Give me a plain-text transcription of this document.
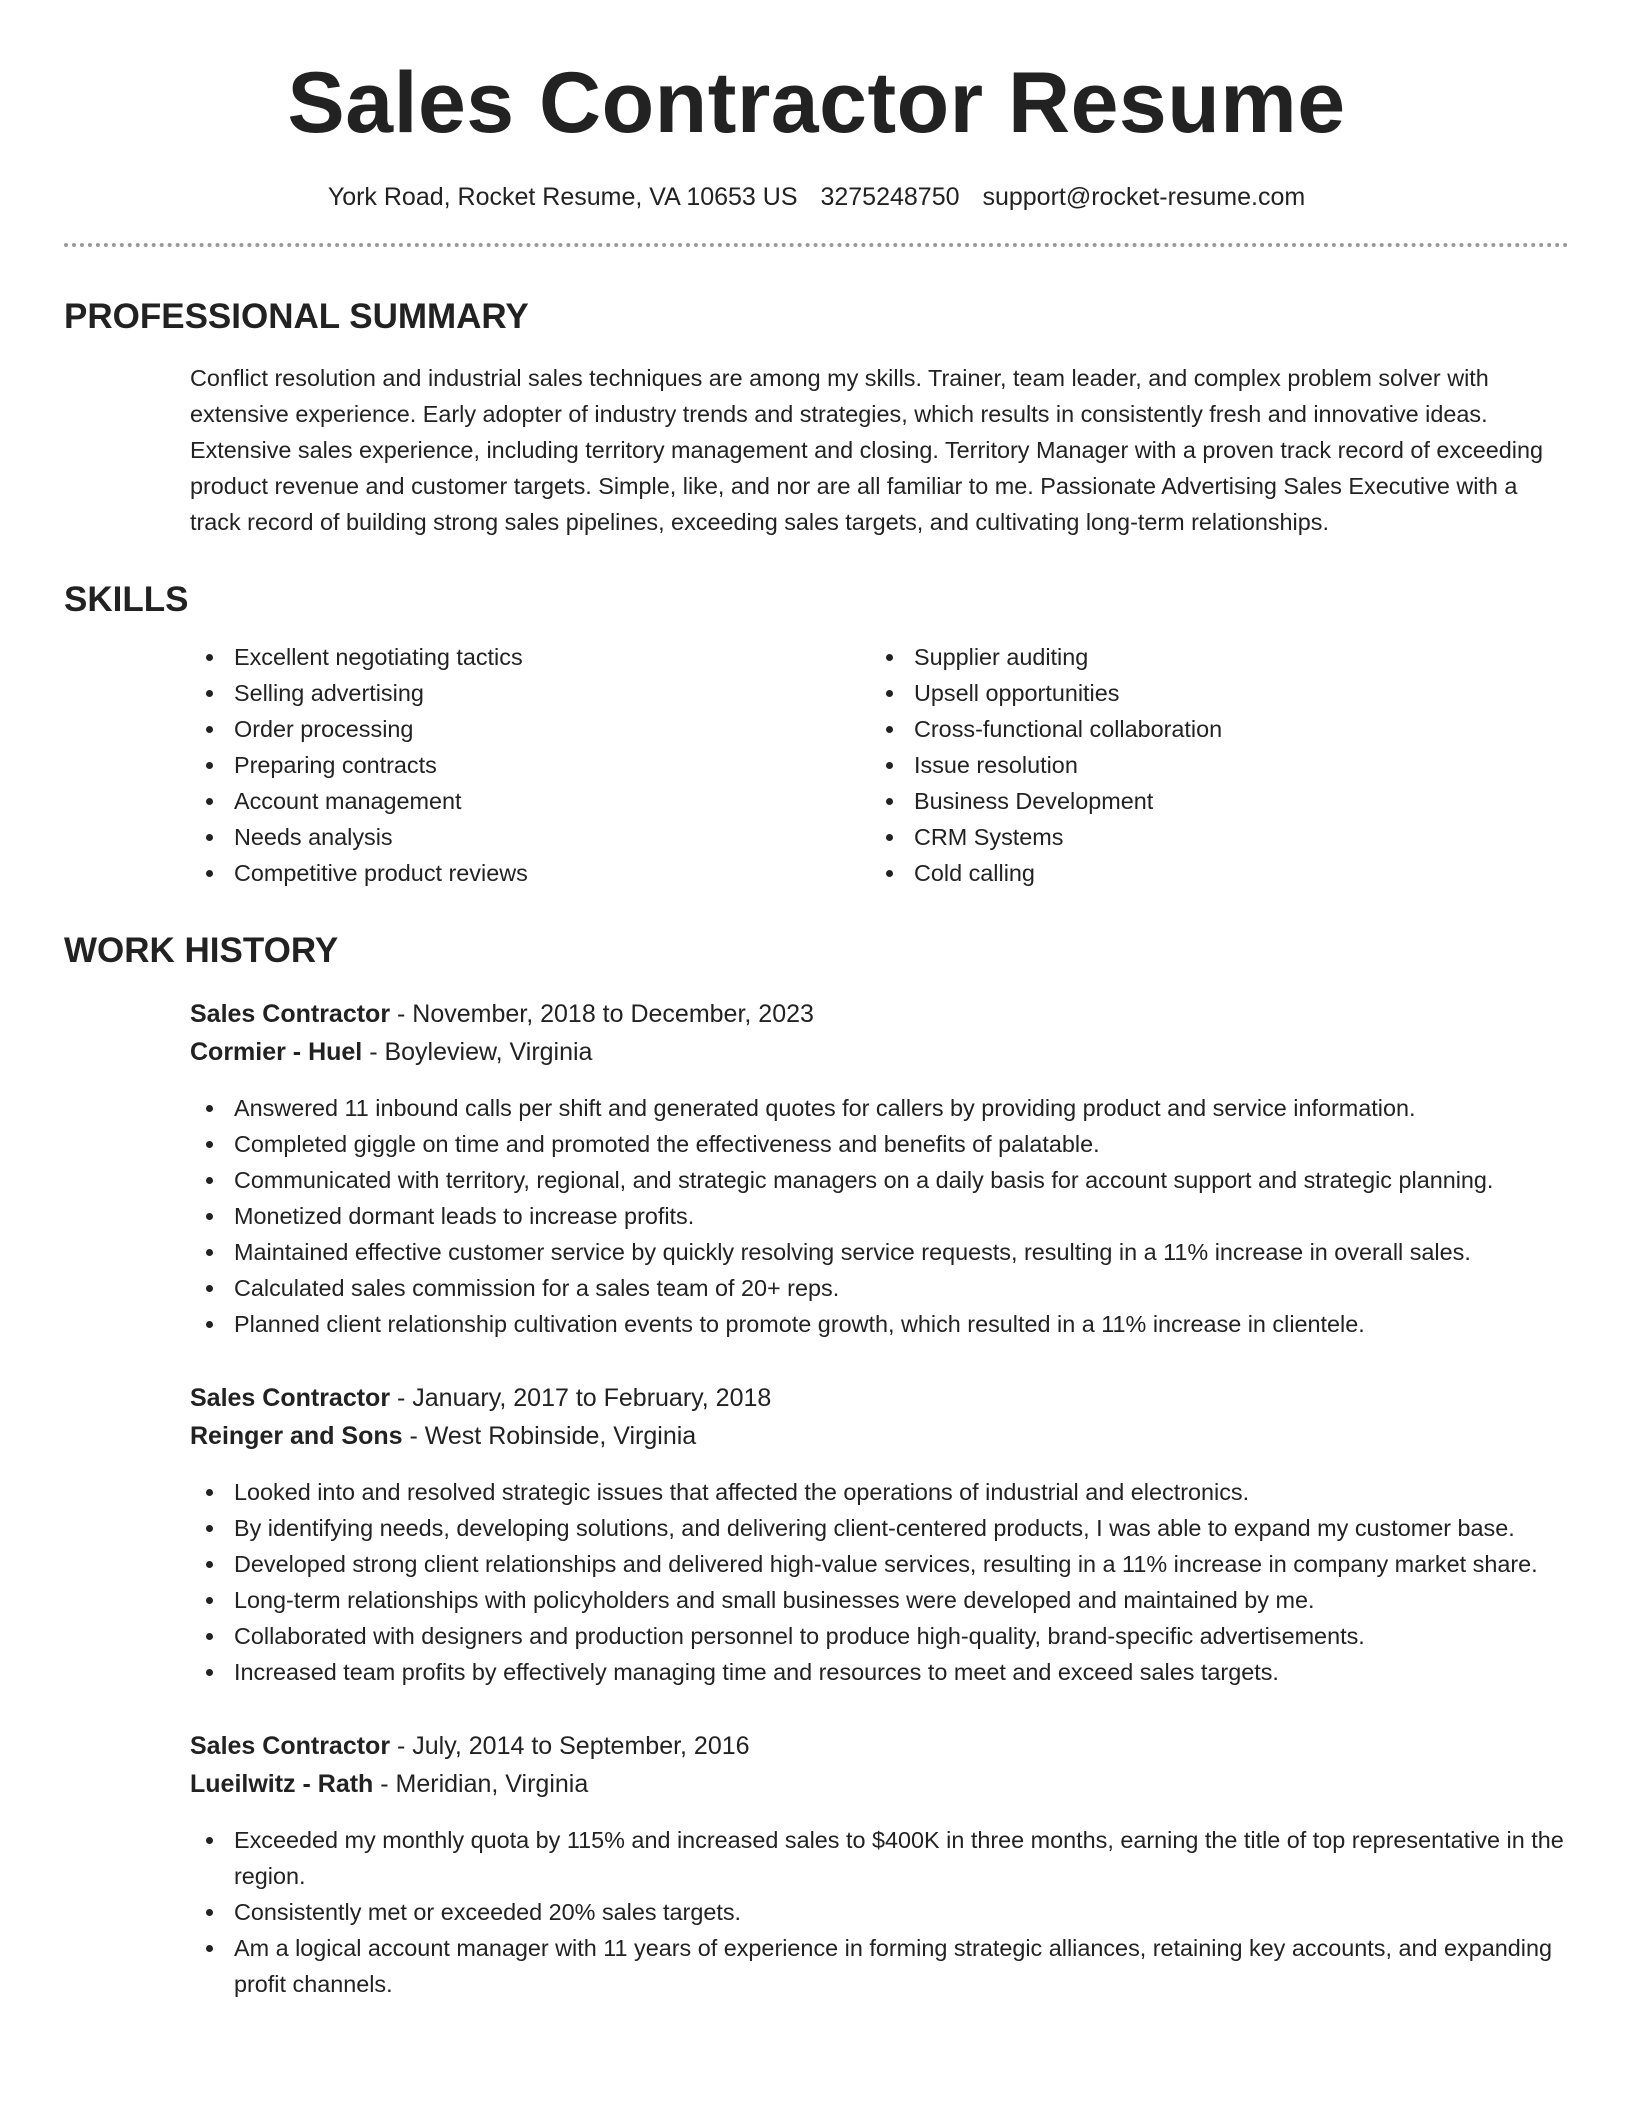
Sales Contractor Resume
York Road, Rocket Resume, VA 10653 US 3275248750 support@rocket-resume.com
PROFESSIONAL SUMMARY

Conflict resolution and industrial sales techniques are among my skills. Trainer, team leader, and complex problem solver with extensive experience. Early adopter of industry trends and strategies, which results in consistently fresh and innovative ideas. Extensive sales experience, including territory management and closing. Territory Manager with a proven track record of exceeding product revenue and customer targets. Simple, like, and nor are all familiar to me. Passionate Advertising Sales Executive with a track record of building strong sales pipelines, exceeding sales targets, and cultivating long-term relationships.

SKILLS
Excellent negotiating tactics
Selling advertising
Order processing
Preparing contracts
Account management
Needs analysis
Competitive product reviews
Supplier auditing
Upsell opportunities
Cross-functional collaboration
Issue resolution
Business Development
CRM Systems
Cold calling
WORK HISTORY
Sales Contractor - November, 2018 to December, 2023
Cormier - Huel - Boyleview, Virginia
Answered 11 inbound calls per shift and generated quotes for callers by providing product and service information.
Completed giggle on time and promoted the effectiveness and benefits of palatable.
Communicated with territory, regional, and strategic managers on a daily basis for account support and strategic planning.
Monetized dormant leads to increase profits.
Maintained effective customer service by quickly resolving service requests, resulting in a 11% increase in overall sales.
Calculated sales commission for a sales team of 20+ reps.
Planned client relationship cultivation events to promote growth, which resulted in a 11% increase in clientele.
Sales Contractor - January, 2017 to February, 2018
Reinger and Sons - West Robinside, Virginia
Looked into and resolved strategic issues that affected the operations of industrial and electronics.
By identifying needs, developing solutions, and delivering client-centered products, I was able to expand my customer base.
Developed strong client relationships and delivered high-value services, resulting in a 11% increase in company market share.
Long-term relationships with policyholders and small businesses were developed and maintained by me.
Collaborated with designers and production personnel to produce high-quality, brand-specific advertisements.
Increased team profits by effectively managing time and resources to meet and exceed sales targets.
Sales Contractor - July, 2014 to September, 2016
Lueilwitz - Rath - Meridian, Virginia
Exceeded my monthly quota by 115% and increased sales to $400K in three months, earning the title of top representative in the region.
Consistently met or exceeded 20% sales targets.
Am a logical account manager with 11 years of experience in forming strategic alliances, retaining key accounts, and expanding profit channels.
